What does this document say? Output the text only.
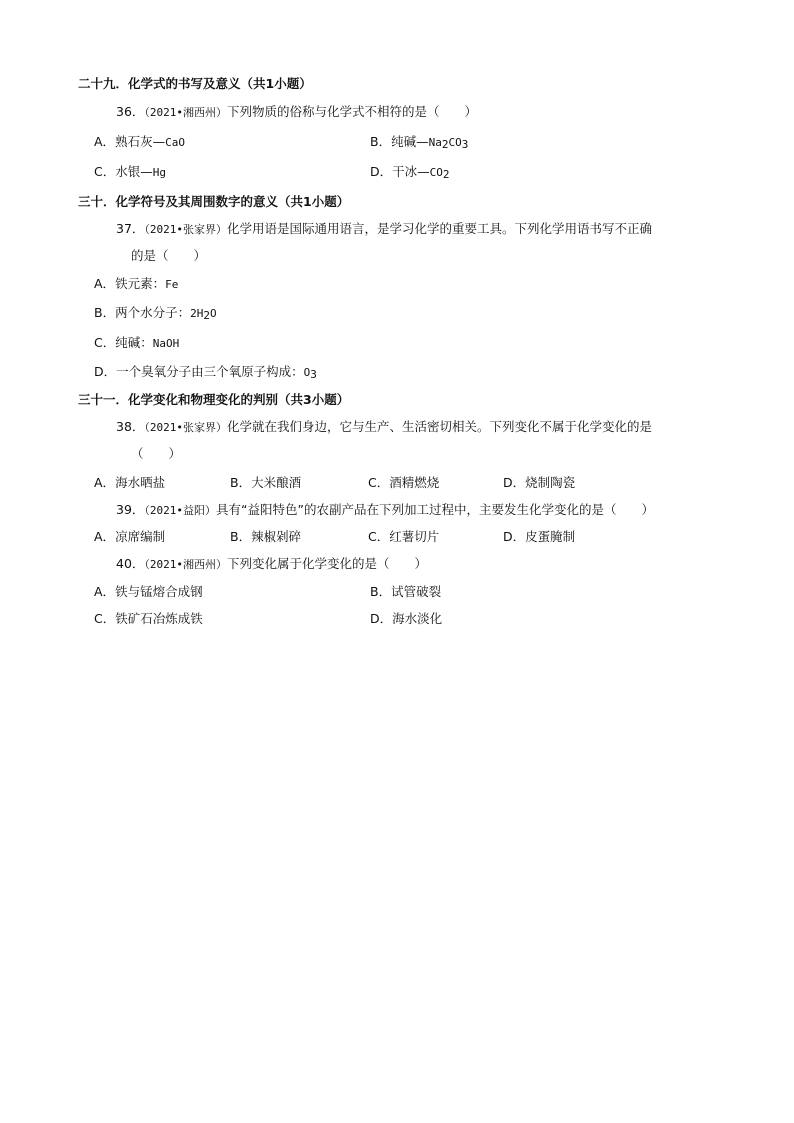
二十九．化学式的书写及意义（共1小题）
36．（2021•湘西州）下列物质的俗称与化学式不相符的是（　　）
A．熟石灰—CaO	B．纯碱$—Na_2CO_3$
C．水银—Hg	D．干冰$—CO_2$
三十．化学符号及其周围数字的意义（共1小题）
37．（2021•张家界）化学用语是国际通用语言，是学习化学的重要工具。下列化学用语书写不正确
的是（　　）
A．铁元素：Fe
B．两个水分子：$2H_2O$
C．纯碱：NaOH
D．一个臭氧分子由三个氧原子构成：$O_3$
三十一．化学变化和物理变化的判别（共3小题）
38．（2021•张家界）化学就在我们身边，它与生产、生活密切相关。下列变化不属于化学变化的是
（　　）
A．海水晒盐	B．大米酿酒	C．酒精燃烧	D．烧制陶瓷
39．（2021•益阳）具有“益阳特色”的农副产品在下列加工过程中，主要发生化学变化的是（　　）
A．凉席编制	B．辣椒剁碎	C．红薯切片	D．皮蛋腌制
40．（2021•湘西州）下列变化属于化学变化的是（　　）
A．铁与锰熔合成钢	B．试管破裂
C．铁矿石冶炼成铁	D．海水淡化
